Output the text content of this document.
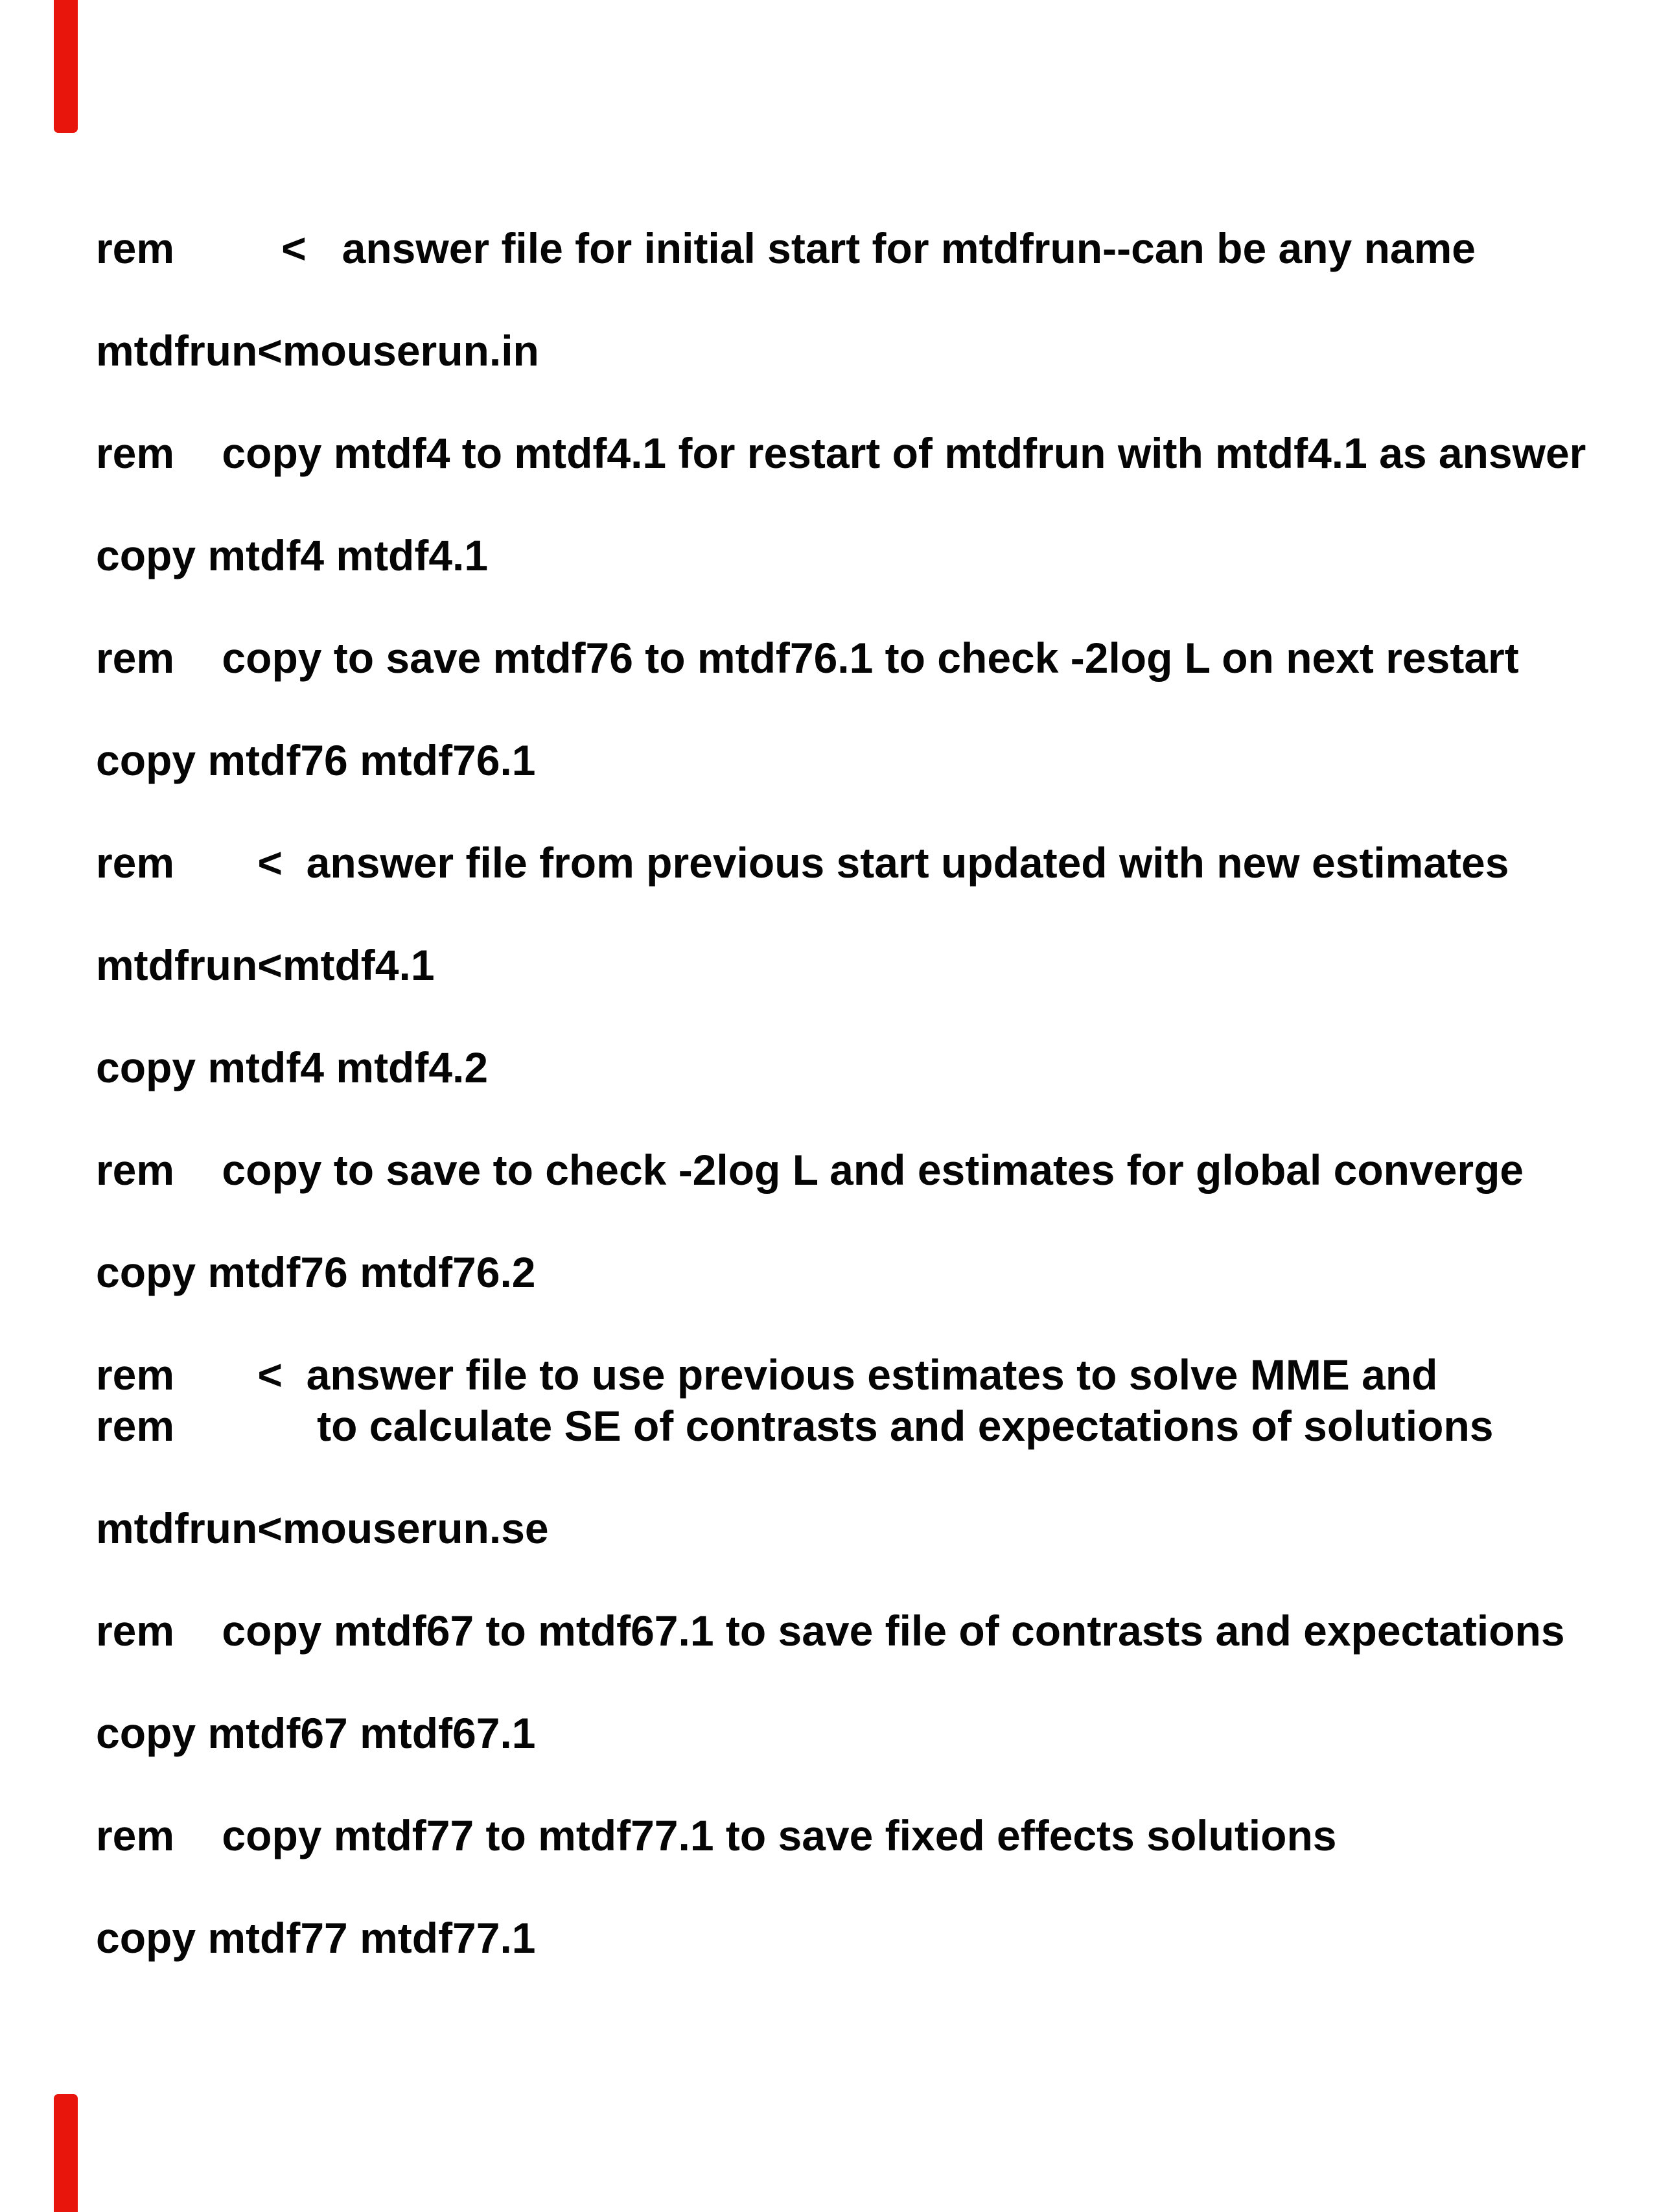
rem         <   answer file for initial start for mtdfrun--can be any name
mtdfrun<mouserun.in
rem    copy mtdf4 to mtdf4.1 for restart of mtdfrun with mtdf4.1 as answer
copy mtdf4 mtdf4.1
rem    copy to save mtdf76 to mtdf76.1 to check -2log L on next restart
copy mtdf76 mtdf76.1
rem       <  answer file from previous start updated with new estimates
mtdfrun<mtdf4.1
copy mtdf4 mtdf4.2
rem    copy to save to check -2log L and estimates for global converge
copy mtdf76 mtdf76.2
rem       <  answer file to use previous estimates to solve MME and
rem            to calculate SE of contrasts and expectations of solutions
mtdfrun<mouserun.se
rem    copy mtdf67 to mtdf67.1 to save file of contrasts and expectations
copy mtdf67 mtdf67.1
rem    copy mtdf77 to mtdf77.1 to save fixed effects solutions
copy mtdf77 mtdf77.1
